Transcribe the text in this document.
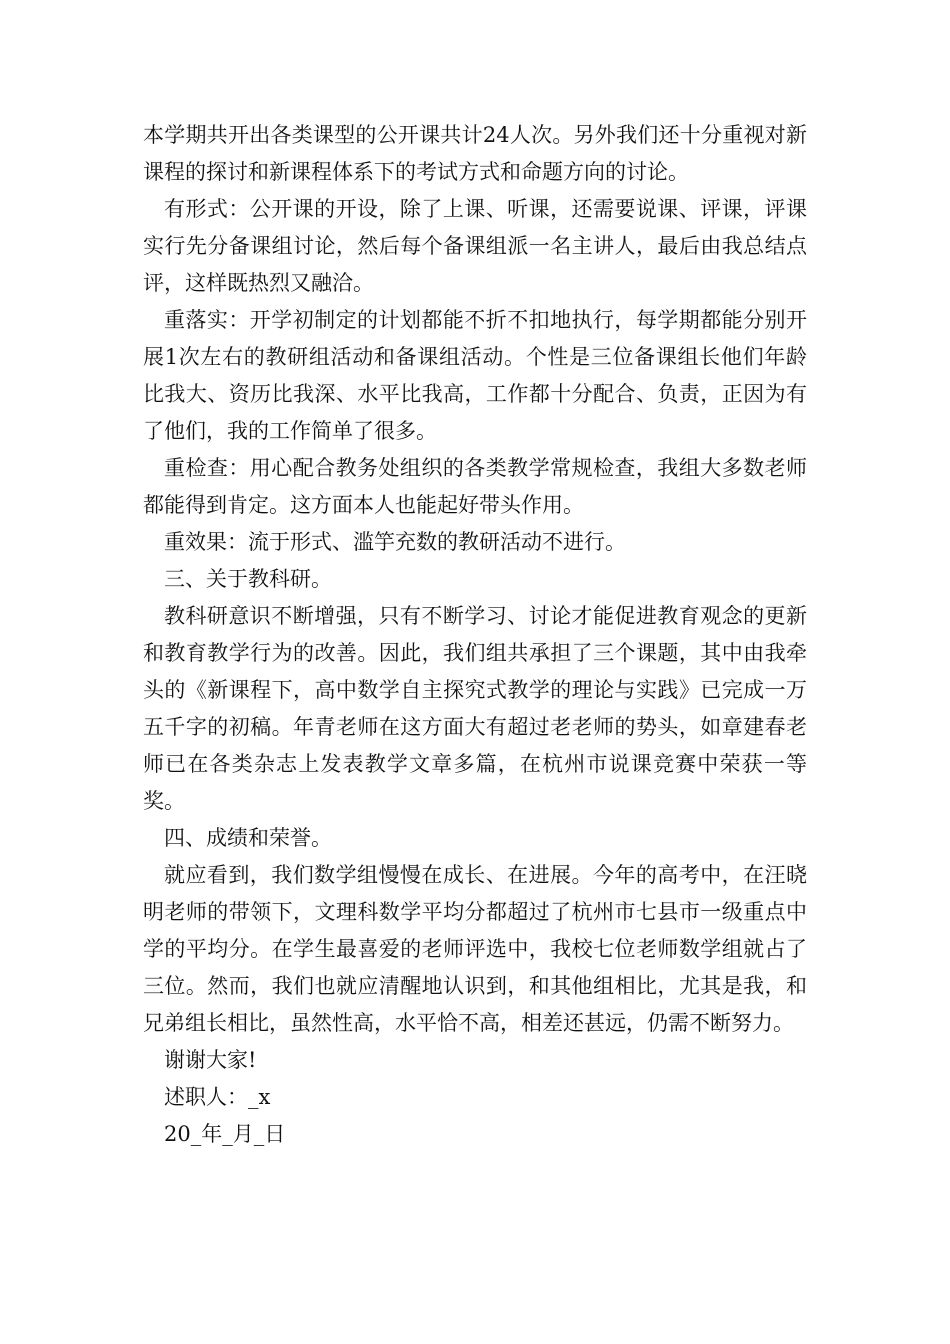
本学期共开出各类课型的公开课共计24人次。另外我们还十分重视对新课程的探讨和新课程体系下的考试方式和命题方向的讨论。

有形式：公开课的开设，除了上课、听课，还需要说课、评课，评课实行先分备课组讨论，然后每个备课组派一名主讲人，最后由我总结点评，这样既热烈又融洽。

重落实：开学初制定的计划都能不折不扣地执行，每学期都能分别开展1次左右的教研组活动和备课组活动。个性是三位备课组长他们年龄比我大、资历比我深、水平比我高，工作都十分配合、负责，正因为有了他们，我的工作简单了很多。

重检查：用心配合教务处组织的各类教学常规检查，我组大多数老师都能得到肯定。这方面本人也能起好带头作用。

重效果：流于形式、滥竽充数的教研活动不进行。

三、关于教科研。

教科研意识不断增强，只有不断学习、讨论才能促进教育观念的更新和教育教学行为的改善。因此，我们组共承担了三个课题，其中由我牵头的《新课程下，高中数学自主探究式教学的理论与实践》已完成一万五千字的初稿。年青老师在这方面大有超过老老师的势头，如章建春老师已在各类杂志上发表教学文章多篇，在杭州市说课竞赛中荣获一等奖。

四、成绩和荣誉。

就应看到，我们数学组慢慢在成长、在进展。今年的高考中，在汪晓明老师的带领下，文理科数学平均分都超过了杭州市七县市一级重点中学的平均分。在学生最喜爱的老师评选中，我校七位老师数学组就占了三位。然而，我们也就应清醒地认识到，和其他组相比，尤其是我，和兄弟组长相比，虽然性高，水平恰不高，相差还甚远，仍需不断努力。

谢谢大家!

述职人：_x

20_年_月_日
